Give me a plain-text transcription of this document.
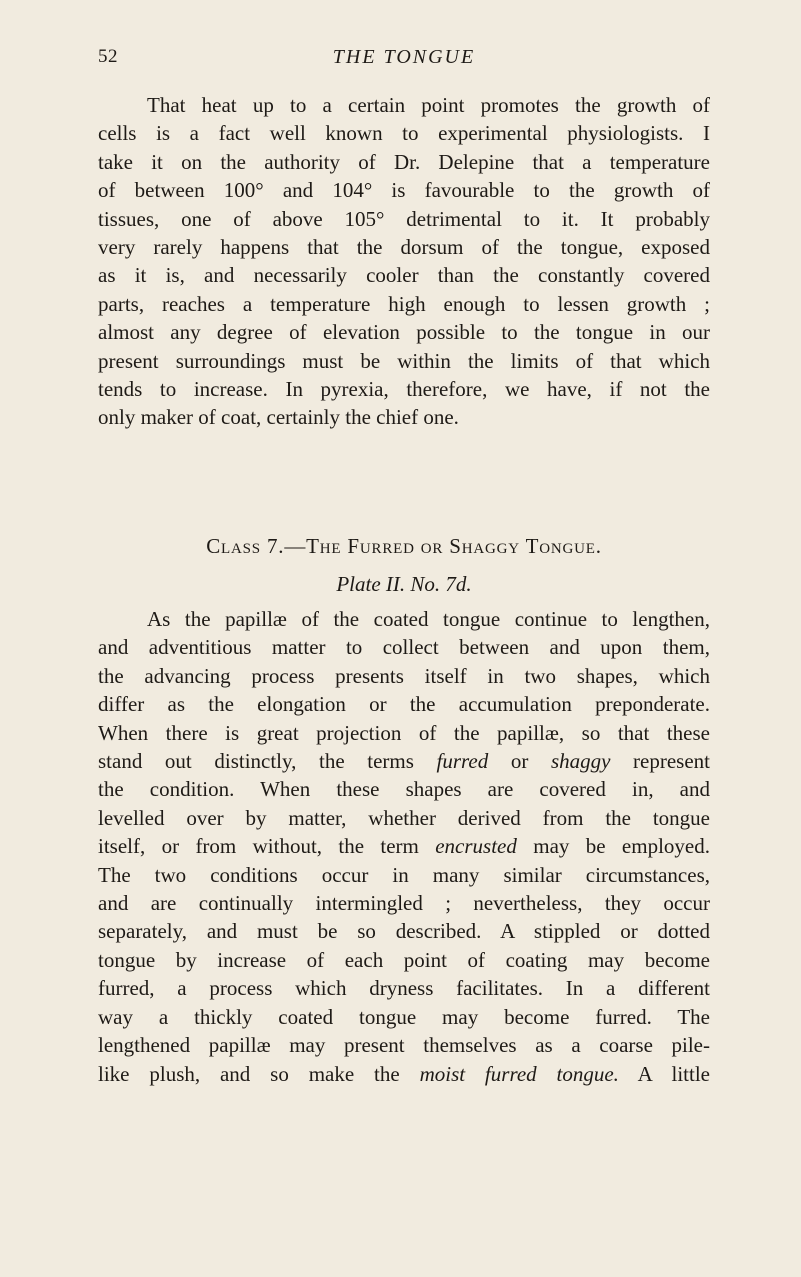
52	THE TONGUE
That heat up to a certain point promotes the growth of
cells is a fact well known to experimental physiologists. I
take it on the authority of Dr. Delepine that a temperature
of between 100° and 104° is favourable to the growth of
tissues, one of above 105° detrimental to it. It probably
very rarely happens that the dorsum of the tongue, exposed
as it is, and necessarily cooler than the constantly covered
parts, reaches a temperature high enough to lessen growth ;
almost any degree of elevation possible to the tongue in our
present surroundings must be within the limits of that which
tends to increase. In pyrexia, therefore, we have, if not the
only maker of coat, certainly the chief one.
Class 7.—The Furred or Shaggy Tongue.
Plate II. No. 7d.
As the papillæ of the coated tongue continue to lengthen,
and adventitious matter to collect between and upon them,
the advancing process presents itself in two shapes, which
differ as the elongation or the accumulation preponderate.
When there is great projection of the papillæ, so that these
stand out distinctly, the terms furred or shaggy represent
the condition. When these shapes are covered in, and
levelled over by matter, whether derived from the tongue
itself, or from without, the term encrusted may be employed.
The two conditions occur in many similar circumstances,
and are continually intermingled ; nevertheless, they occur
separately, and must be so described. A stippled or dotted
tongue by increase of each point of coating may become
furred, a process which dryness facilitates. In a different
way a thickly coated tongue may become furred. The
lengthened papillæ may present themselves as a coarse pile-
like plush, and so make the moist furred tongue. A little
